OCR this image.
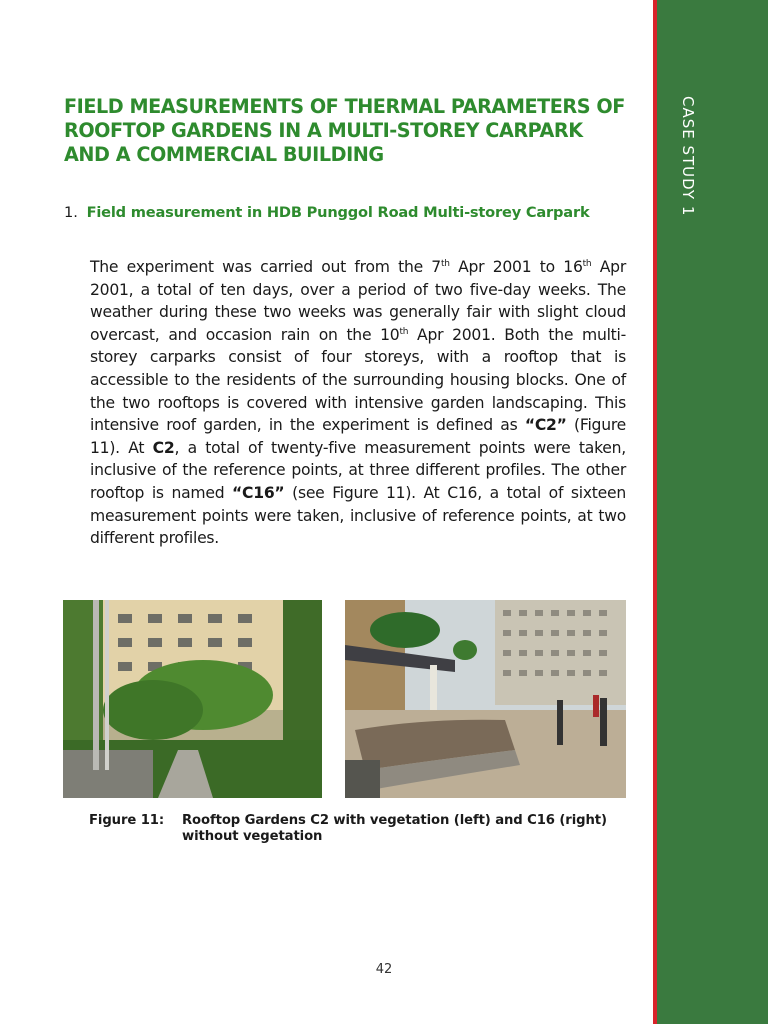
CASE STUDY 1
FIELD MEASUREMENTS OF THERMAL PARAMETERS OF
ROOFTOP GARDENS IN A MULTI-STOREY CARPARK
AND A COMMERCIAL BUILDING

1. Field measurement in HDB Punggol Road Multi-storey Carpark

The experiment was carried out from the 7th Apr 2001 to 16th Apr 2001, a total of ten days, over a period of two five-day weeks. The weather during these two weeks was generally fair with slight cloud overcast, and occasion rain on the 10th Apr 2001. Both the multi-storey carparks consist of four storeys, with a rooftop that is accessible to the residents of the surrounding housing blocks. One of the two rooftops is covered with intensive garden landscaping. This intensive roof garden, in the experiment is defined as “C2” (Figure 11). At C2, a total of twenty-five measurement points were taken, inclusive of the reference points, at three different profiles. The other rooftop is named “C16” (see Figure 11). At C16, a total of sixteen measurement points were taken, inclusive of reference points, at two different profiles.

Figure 11: Rooftop Gardens C2 with vegetation (left) and C16 (right) without vegetation
42
